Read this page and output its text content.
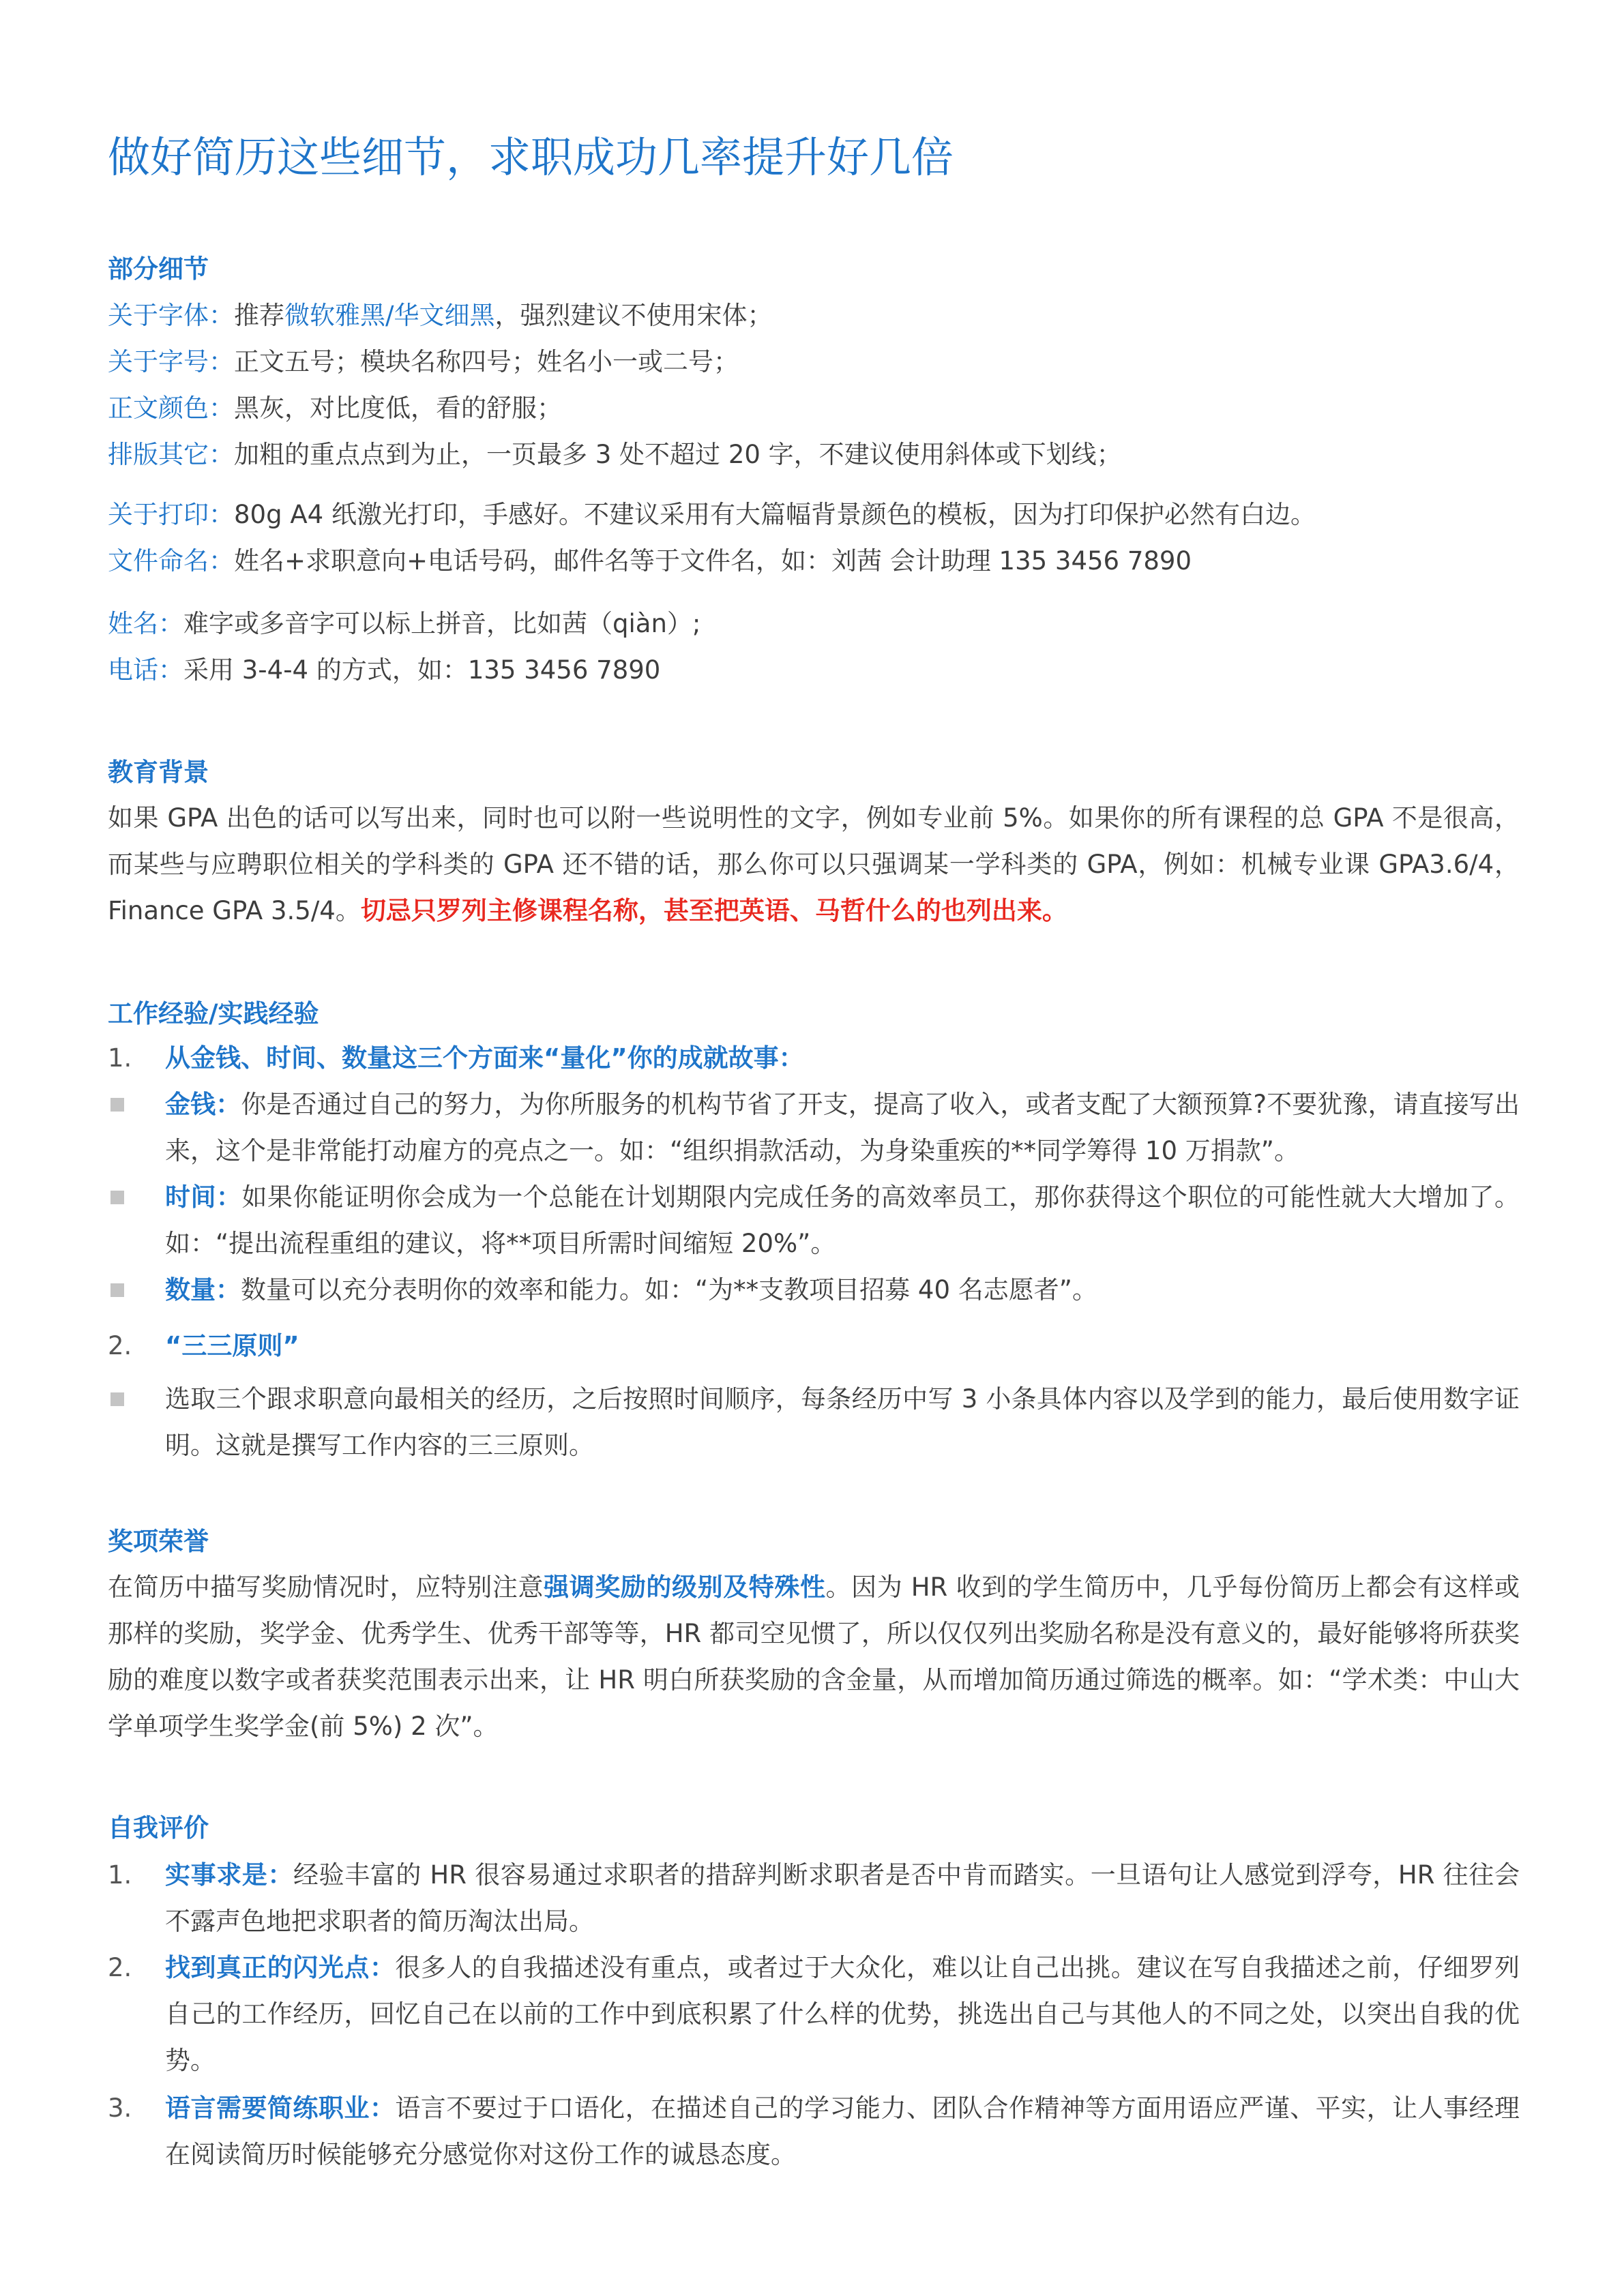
做好简历这些细节，求职成功几率提升好几倍
部分细节
关于字体：推荐微软雅黑/华文细黑，强烈建议不使用宋体；
关于字号：正文五号；模块名称四号；姓名小一或二号；
正文颜色：黑灰，对比度低，看的舒服；
排版其它：加粗的重点点到为止，一页最多 3 处不超过 20 字，不建议使用斜体或下划线；
关于打印：80g A4 纸激光打印，手感好。不建议采用有大篇幅背景颜色的模板，因为打印保护必然有白边。
文件命名：姓名+求职意向+电话号码，邮件名等于文件名，如：刘茜 会计助理 135 3456 7890
姓名：难字或多音字可以标上拼音，比如茜（qiàn）;
电话：采用 3-4-4 的方式，如：135 3456 7890
教育背景
如果 GPA 出色的话可以写出来，同时也可以附一些说明性的文字，例如专业前 5%。如果你的所有课程的总 GPA 不是很高，而某些与应聘职位相关的学科类的 GPA 还不错的话，那么你可以只强调某一学科类的 GPA，例如：机械专业课 GPA3.6/4，Finance GPA 3.5/4。切忌只罗列主修课程名称，甚至把英语、马哲什么的也列出来。
工作经验/实践经验
1. 从金钱、时间、数量这三个方面来“量化”你的成就故事：
金钱：你是否通过自己的努力，为你所服务的机构节省了开支，提高了收入，或者支配了大额预算?不要犹豫，请直接写出来，这个是非常能打动雇方的亮点之一。如：“组织捐款活动，为身染重疾的**同学筹得 10 万捐款”。
时间：如果你能证明你会成为一个总能在计划期限内完成任务的高效率员工，那你获得这个职位的可能性就大大增加了。如：“提出流程重组的建议，将**项目所需时间缩短 20%”。
数量：数量可以充分表明你的效率和能力。如：“为**支教项目招募 40 名志愿者”。
2. “三三原则”
选取三个跟求职意向最相关的经历，之后按照时间顺序，每条经历中写 3 小条具体内容以及学到的能力，最后使用数字证明。这就是撰写工作内容的三三原则。
奖项荣誉
在简历中描写奖励情况时，应特别注意强调奖励的级别及特殊性。因为 HR 收到的学生简历中，几乎每份简历上都会有这样或那样的奖励，奖学金、优秀学生、优秀干部等等，HR 都司空见惯了，所以仅仅列出奖励名称是没有意义的，最好能够将所获奖励的难度以数字或者获奖范围表示出来，让 HR 明白所获奖励的含金量，从而增加简历通过筛选的概率。如：“学术类：中山大学单项学生奖学金(前 5%) 2 次”。
自我评价
1. 实事求是：经验丰富的 HR 很容易通过求职者的措辞判断求职者是否中肯而踏实。一旦语句让人感觉到浮夸，HR 往往会不露声色地把求职者的简历淘汰出局。
2. 找到真正的闪光点：很多人的自我描述没有重点，或者过于大众化，难以让自己出挑。建议在写自我描述之前，仔细罗列自己的工作经历，回忆自己在以前的工作中到底积累了什么样的优势，挑选出自己与其他人的不同之处，以突出自我的优势。
3. 语言需要简练职业：语言不要过于口语化，在描述自己的学习能力、团队合作精神等方面用语应严谨、平实，让人事经理在阅读简历时候能够充分感觉你对这份工作的诚恳态度。
